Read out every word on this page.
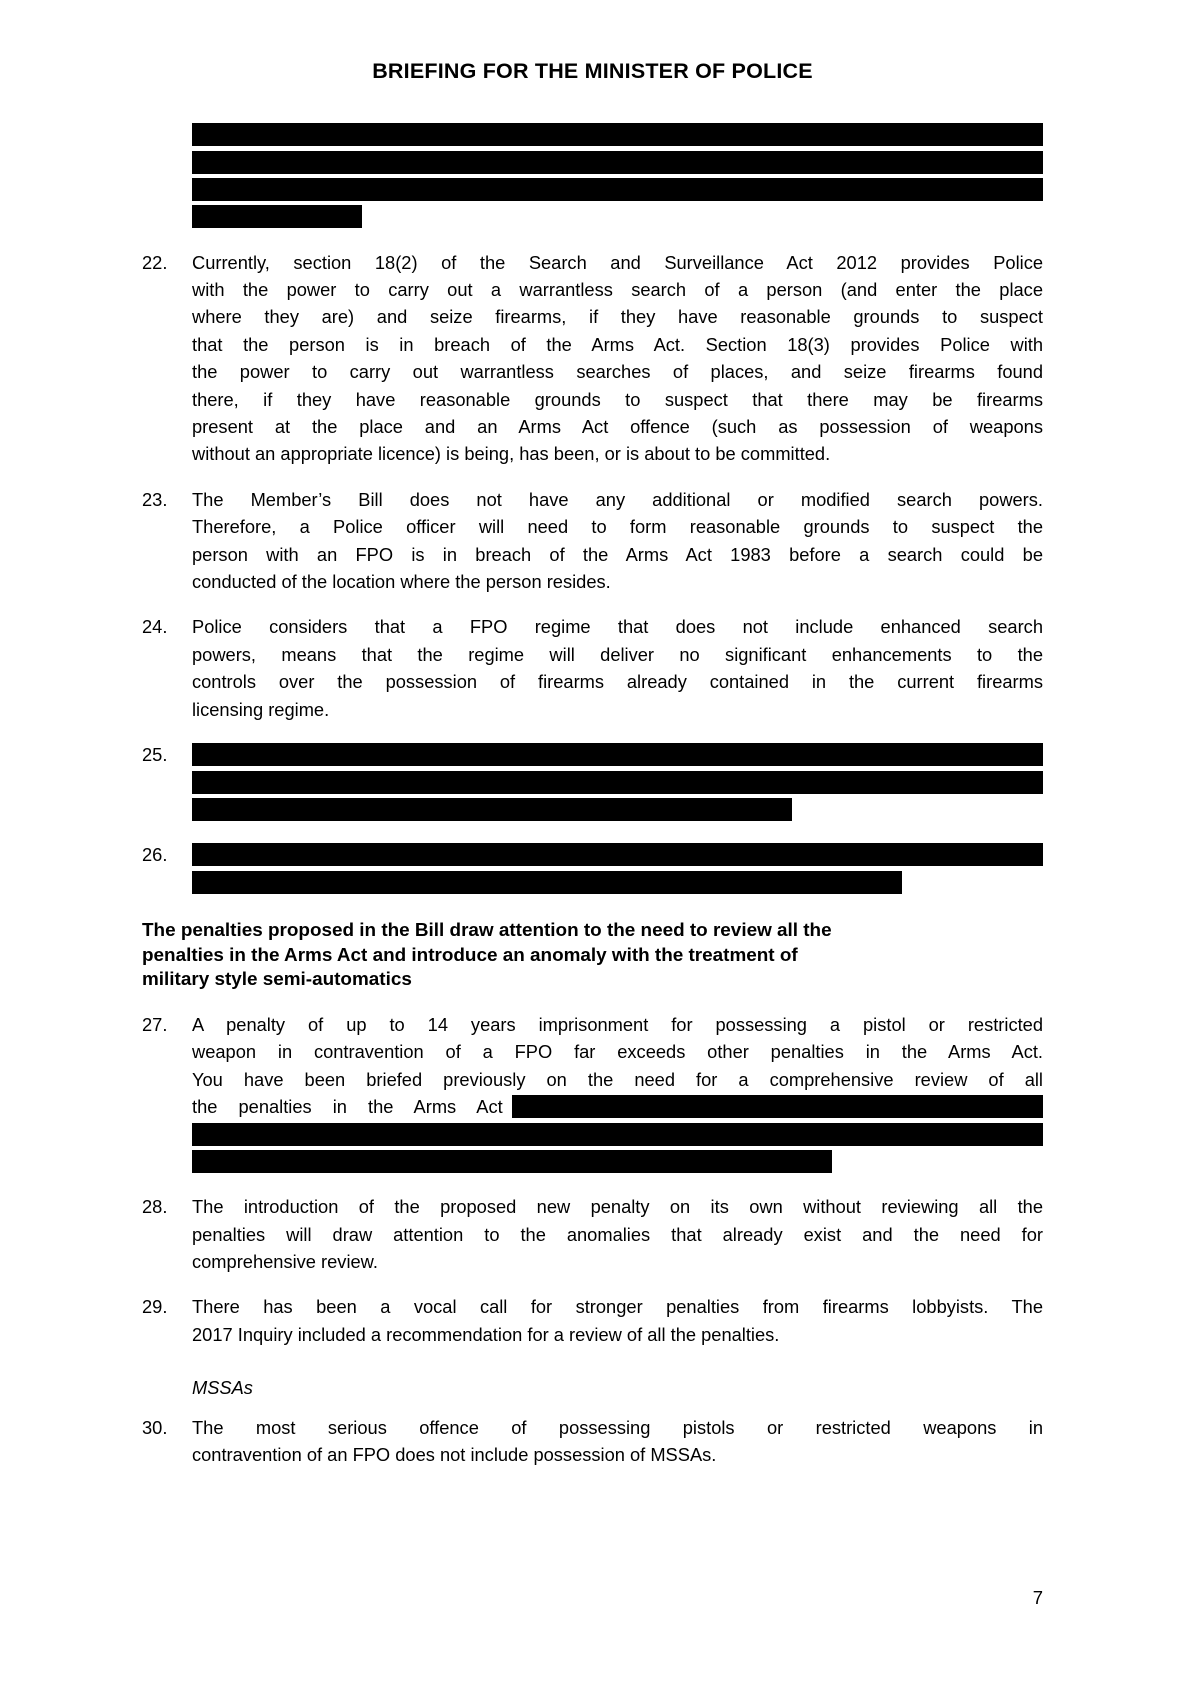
BRIEFING FOR THE MINISTER OF POLICE
22.	Currently, section 18(2) of the Search and Surveillance Act 2012 provides Police
with the power to carry out a warrantless search of a person (and enter the place
where they are) and seize firearms, if they have reasonable grounds to suspect
that the person is in breach of the Arms Act. Section 18(3) provides Police with
the power to carry out warrantless searches of places, and seize firearms found
there, if they have reasonable grounds to suspect that there may be firearms
present at the place and an Arms Act offence (such as possession of weapons
without an appropriate licence) is being, has been, or is about to be committed.
23.	The Member’s Bill does not have any additional or modified search powers.
Therefore, a Police officer will need to form reasonable grounds to suspect the
person with an FPO is in breach of the Arms Act 1983 before a search could be
conducted of the location where the person resides.
24.	Police considers that a FPO regime that does not include enhanced search
powers, means that the regime will deliver no significant enhancements to the
controls over the possession of firearms already contained in the current firearms
licensing regime.
25.
26.
The penalties proposed in the Bill draw attention to the need to review all the
penalties in the Arms Act and introduce an anomaly with the treatment of
military style semi-automatics
27.	A penalty of up to 14 years imprisonment for possessing a pistol or restricted
weapon in contravention of a FPO far exceeds other penalties in the Arms Act.
You have been briefed previously on the need for a comprehensive review of all
the penalties in the Arms Act
28.	The introduction of the proposed new penalty on its own without reviewing all the
penalties will draw attention to the anomalies that already exist and the need for
comprehensive review.
29.	There has been a vocal call for stronger penalties from firearms lobbyists. The
2017 Inquiry included a recommendation for a review of all the penalties.
MSSAs
30.	The most serious offence of possessing pistols or restricted weapons in
contravention of an FPO does not include possession of MSSAs.
7
